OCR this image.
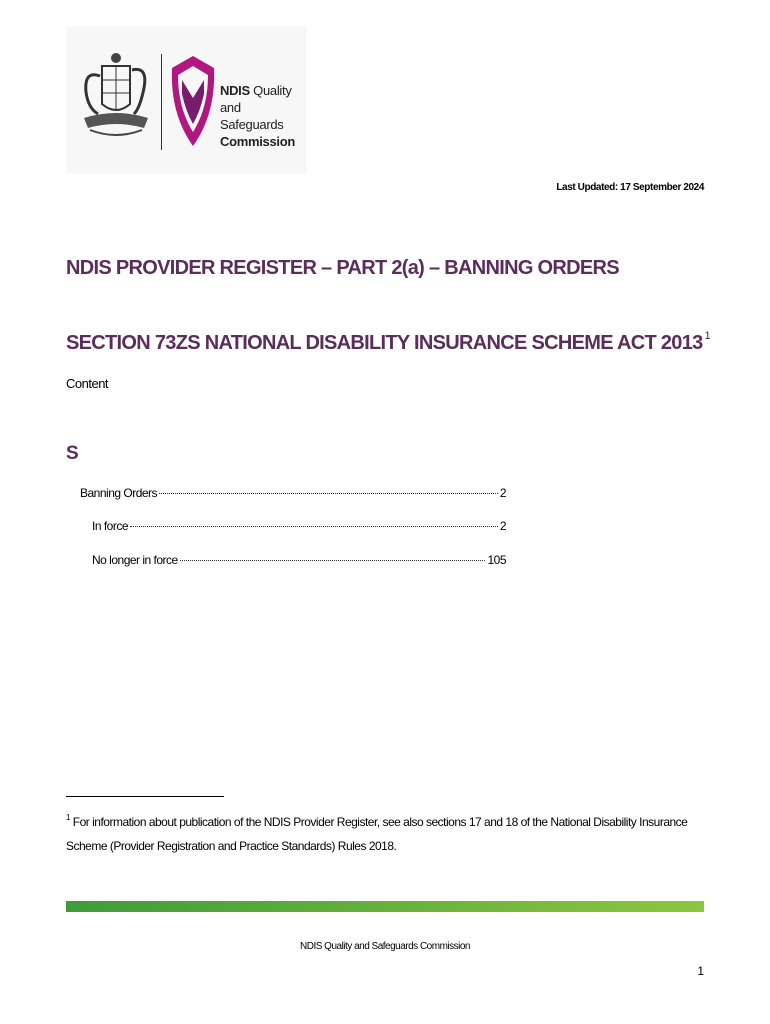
NDIS Quality
and Safeguards
Commission
Last Updated: 17 September 2024
NDIS PROVIDER REGISTER – PART 2(a) – BANNING ORDERS
SECTION 73ZS NATIONAL DISABILITY INSURANCE SCHEME ACT 2013 $^1$
Content
S
Banning Orders	2
In force	2
No longer in force	105
$^1$ For information about publication of the NDIS Provider Register, see also sections 17 and 18 of the National Disability Insurance Scheme (Provider Registration and Practice Standards) Rules 2018.
NDIS Quality and Safeguards Commission
1
